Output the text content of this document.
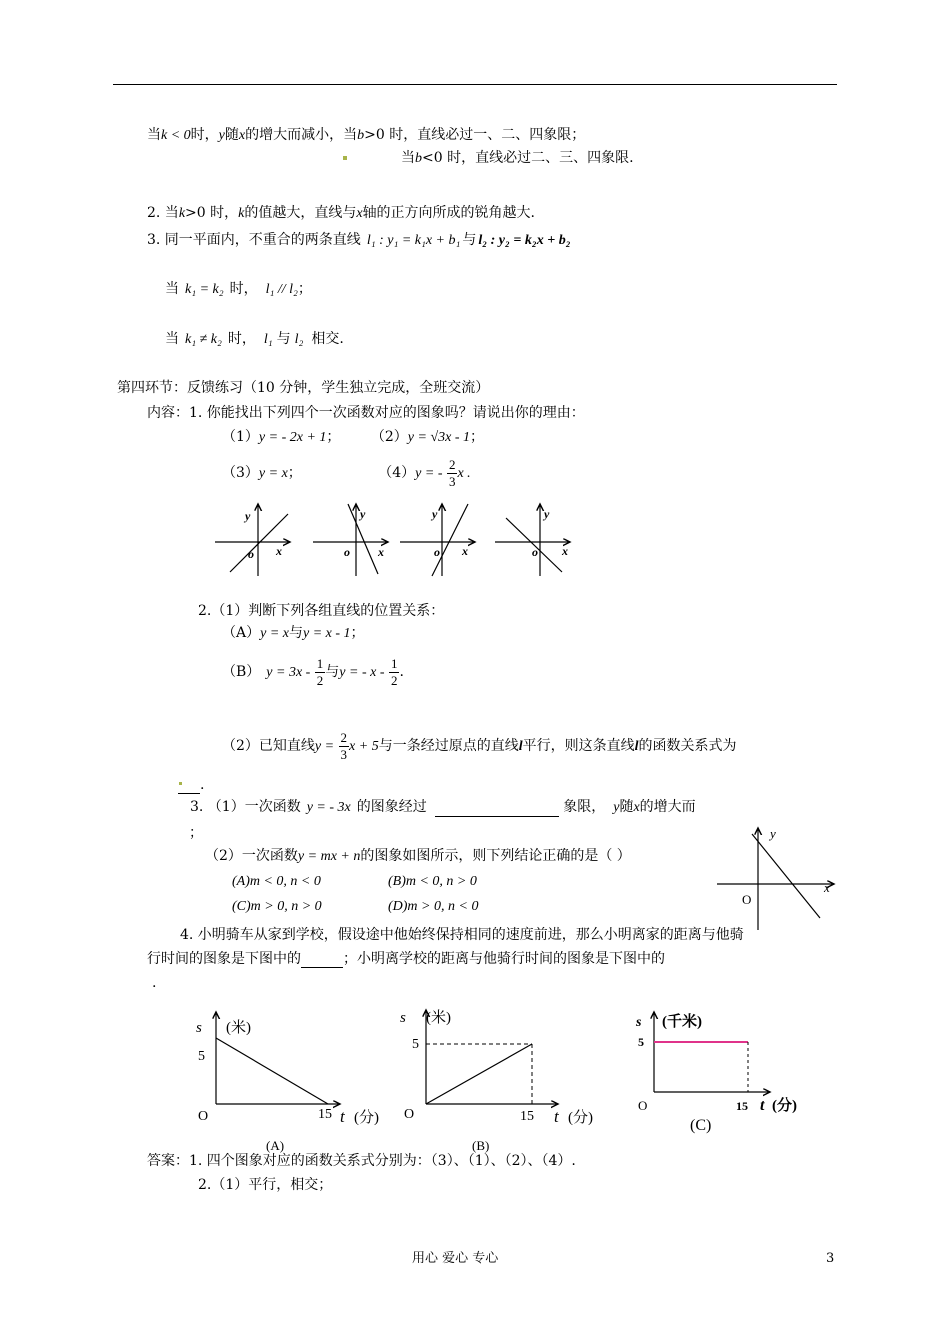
当k < 0时，y随x的增大而减小，当b>0 时，直线必过一、二、四象限；
当b<0 时，直线必过二、三、四象限.
2. 当k>0 时，k的值越大，直线与x轴的正方向所成的锐角越大.
3. 同一平面内，不重合的两条直线 l₁ : y₁ = k₁x + b₁ 与 l₂ : y₂ = k₂x + b₂
当 k₁ = k₂ 时， l₁ // l₂；
当 k₁ ≠ k₂ 时， l₁ 与 l₂ 相交.
第四环节：反馈练习（10 分钟，学生独立完成，全班交流）
内容：1. 你能找出下列四个一次函数对应的图象吗？请说出你的理由：
（1）y = - 2x + 1； （2）y = √3x - 1；
（3）y = x；	（4）y = - $\frac{2}{3}$ x .
y
o x
y
o x
y
o x
y
o x
2.（1）判断下列各组直线的位置关系：
（A）y = x与y = x - 1；
（B） $y = 3x - \frac{1}{2}$ 与y = - x - $\frac{1}{2}$ .
（2）已知直线$y = \frac{2}{3}$ x + 5与一条经过原点的直线l平行，则这条直线l的函数关系式为
.
3. （1）一次函数 y = - 3x 的图象经过	象限， y随x的增大而
；
（2）一次函数y = mx + n的图象如图所示，则下列结论正确的是（ ）
(A)m < 0, n < 0	(B)m < 0, n > 0
(C)m > 0, n > 0	(D)m > 0, n < 0
y
x
O
4. 小明骑车从家到学校，假设途中他始终保持相同的速度前进，那么小明离家的距离与他骑
行时间的图象是下图中的	；小明离学校的距离与他骑行时间的图象是下图中的
.
s (米)
5
O	15 t (分)
(A)
s (米)
5
O	15 t (分)
(B)
s (千米)
5
O	15 t (分)
(C)
答案：1. 四个图象对应的函数关系式分别为：（3）、（1）、（2）、（4）.
2.（1）平行，相交；
用心 爱心 专心	3
